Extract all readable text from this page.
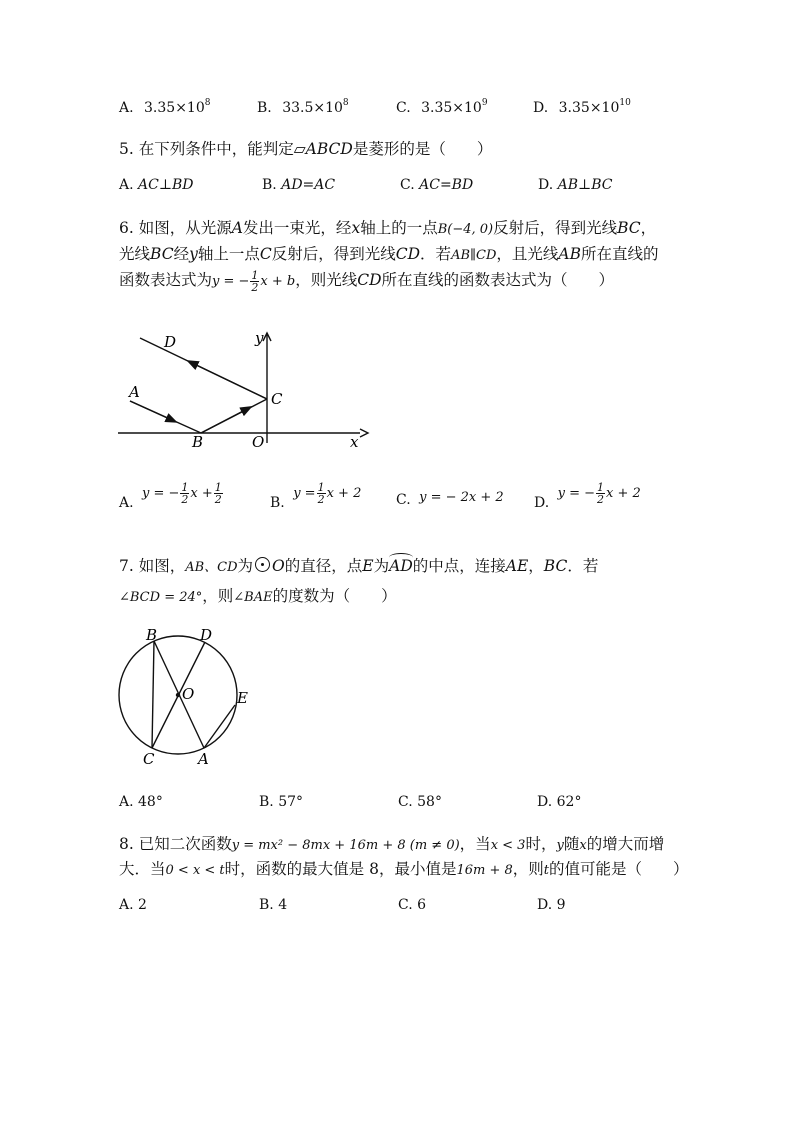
A. $3.35\times 10^8$	B. $33.5\times 10^8$	C. $3.35\times 10^9$	D. $3.35\times 10^{10}$
5. 在下列条件中，能判定▱ABCD是菱形的是（　　）
A. AC⊥BD	B. AD=AC	C. AC=BD	D. AB⊥BC
6. 如图，从光源A发出一束光，经x轴上的一点B(−4, 0)反射后，得到光线BC，
光线BC经y轴上一点C反射后，得到光线CD．若AB∥CD，且光线AB所在直线的
函数表达式为y = − $\frac{1}{2}$ x + b，则光线CD所在直线的函数表达式为（　　）
D
A
B	O
C
x
y
A. y = − $\frac{1}{2}$ $x + \frac{1}{2}$	B. $y = \frac{1}{2}$ x + 2 C. y = − 2x + 2 D. y = − $\frac{1}{2}$ x + 2
7. 如图，AB、CD为 O的直径，点E为
AD的中点，连接AE，BC．若
∠BCD = 24°，则∠BAE的度数为（　　）
B	D
O	E
C	A
A. 48°	B. 57°	C. 58°	D. 62°
8. 已知二次函数y = mx² − 8mx + 16m + 8 (m ≠ 0)，当x < 3时，y随x的增大而增
大．当0 < x < t时，函数的最大值是 8，最小值是16m + 8，则t的值可能是（　　）
A. 2	B. 4	C. 6	D. 9
